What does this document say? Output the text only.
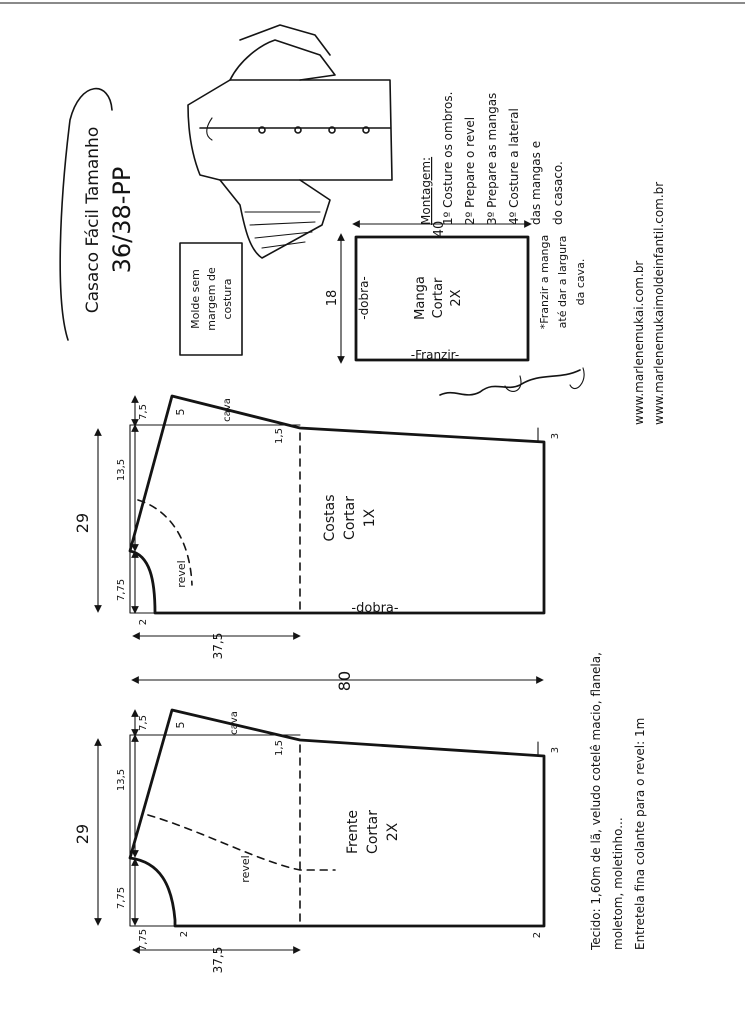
Casaco Fácil Tamanho 36/38-PP
Molde sem margem de costura
Montagem: 1º Costure os ombros. 2º Prepare o revel 3º Prepare as mangas 4º Costure a lateral das mangas e do casaco.
www.marlenemukai.com.br www.marlenemukaimoldeinfantil.com.br
40
18 -dobra-	Manga Cortar 2X
-Franzir-
*Franzir a manga até dar a largura da cava.
Costas Cortar 1X
-dobra-
revel
cava
29
37,5
7,5 5
13,5
7,75
2
1,5	3
80
Frente Cortar 2X
revel
cava
29
37,5
7,5 5
13,5
7,75
7,75	2
1,5	3
2	Tecido: 1,60m de lã, veludo cotelê macio, flanela, moletom, moletinho... Entretela fina colante para o revel: 1m
